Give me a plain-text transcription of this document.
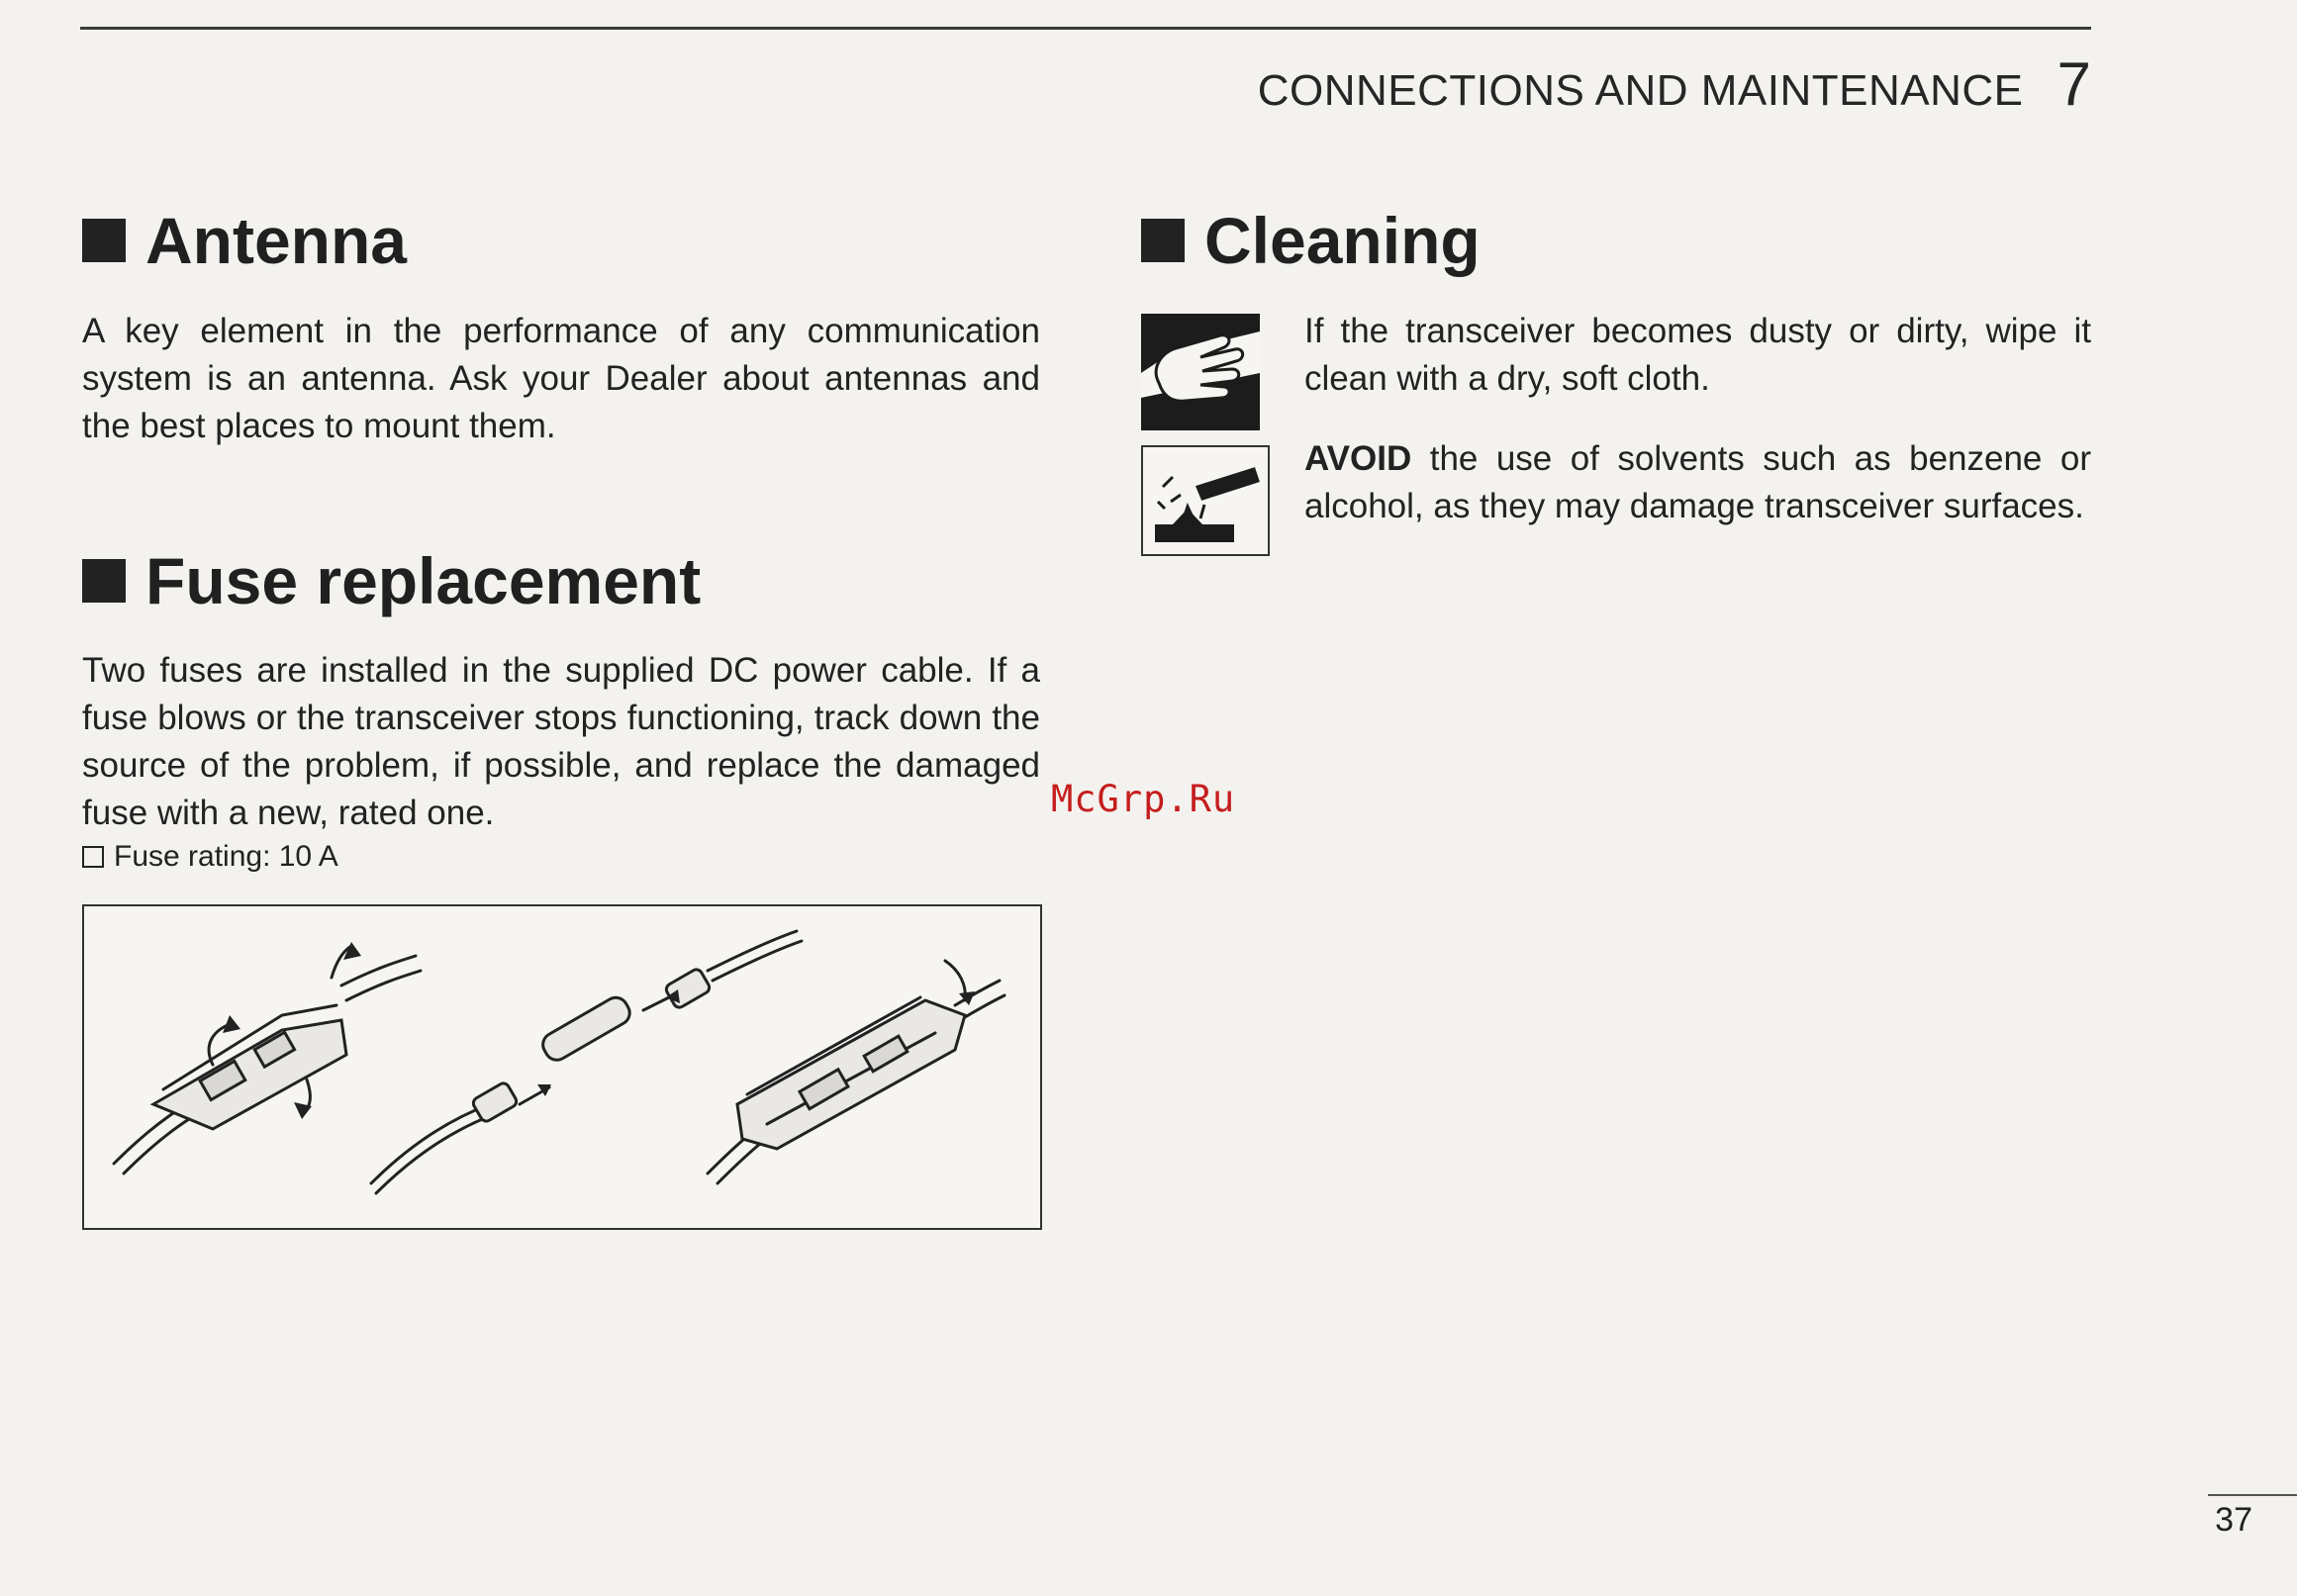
CONNECTIONS AND MAINTENANCE 7
Antenna
A key element in the performance of any communication system is an antenna. Ask your Dealer about antennas and the best places to mount them.
Fuse replacement
Two fuses are installed in the supplied DC power cable. If a fuse blows or the transceiver stops functioning, track down the source of the problem, if possible, and replace the damaged fuse with a new, rated one.
Fuse rating: 10 A
Cleaning
If the transceiver becomes dusty or dirty, wipe it clean with a dry, soft cloth.
AVOID the use of solvents such as benzene or alcohol, as they may damage transceiver surfaces.
McGrp.Ru
37
